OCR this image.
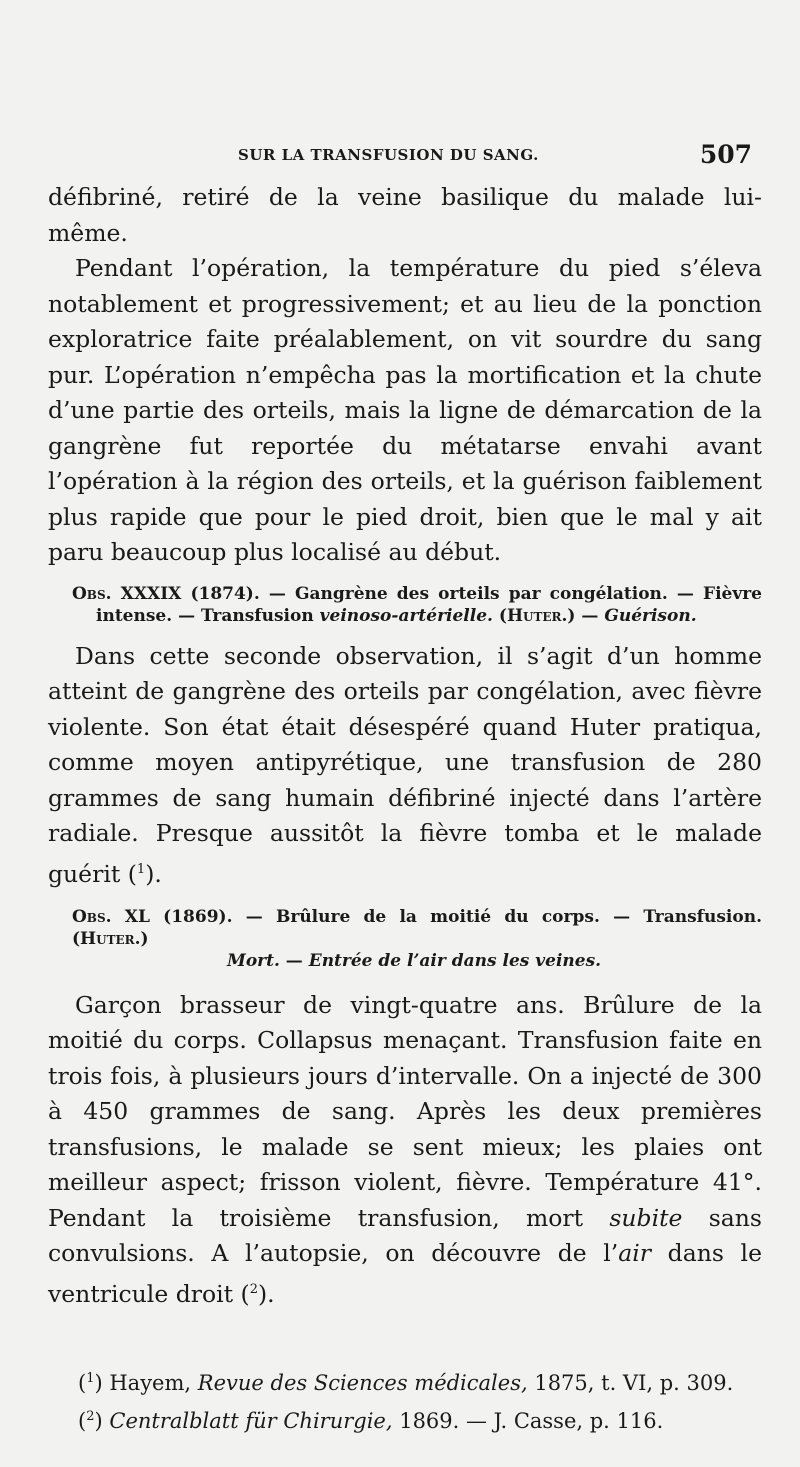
SUR LA TRANSFUSION DU SANG.	507

défibriné, retiré de la veine basilique du malade lui-
même.

Pendant l’opération, la température du pied s’éleva notablement et progressivement; et au lieu de la ponction exploratrice faite préalablement, on vit sourdre du sang pur. L’opération n’empêcha pas la mortification et la chute d’une partie des orteils, mais la ligne de démarcation de la gangrène fut reportée du métatarse envahi avant l’opération à la région des orteils, et la guérison faiblement plus rapide que pour le pied droit, bien que le mal y ait paru beaucoup plus localisé au début.

Obs. XXXIX (1874). — Gangrène des orteils par congélation. — Fièvre
intense. — Transfusion veinoso-artérielle. (Huter.) — Guérison.

Dans cette seconde observation, il s’agit d’un homme atteint de gangrène des orteils par congélation, avec fièvre violente. Son état était désespéré quand Huter pratiqua, comme moyen antipyrétique, une transfusion de 280 grammes de sang humain défibriné injecté dans l’artère radiale. Presque aussitôt la fièvre tomba et le malade guérit ($^1$).

Obs. XL (1869). — Brûlure de la moitié du corps. — Transfusion. (Huter.)
Mort. — Entrée de l’air dans les veines.

Garçon brasseur de vingt-quatre ans. Brûlure de la moitié du corps. Collapsus menaçant. Transfusion faite en trois fois, à plusieurs jours d’intervalle. On a injecté de 300 à 450 grammes de sang. Après les deux premières transfusions, le malade se sent mieux; les plaies ont meilleur aspect; frisson violent, fièvre. Température 41°. Pendant la troisième transfusion, mort subite sans convulsions. A l’autopsie, on découvre de l’air dans le ventricule droit ($^2$).

($^1$) Hayem, Revue des Sciences médicales, 1875, t. VI, p. 309.
($^2$) Centralblatt für Chirurgie, 1869. — J. Casse, p. 116.
